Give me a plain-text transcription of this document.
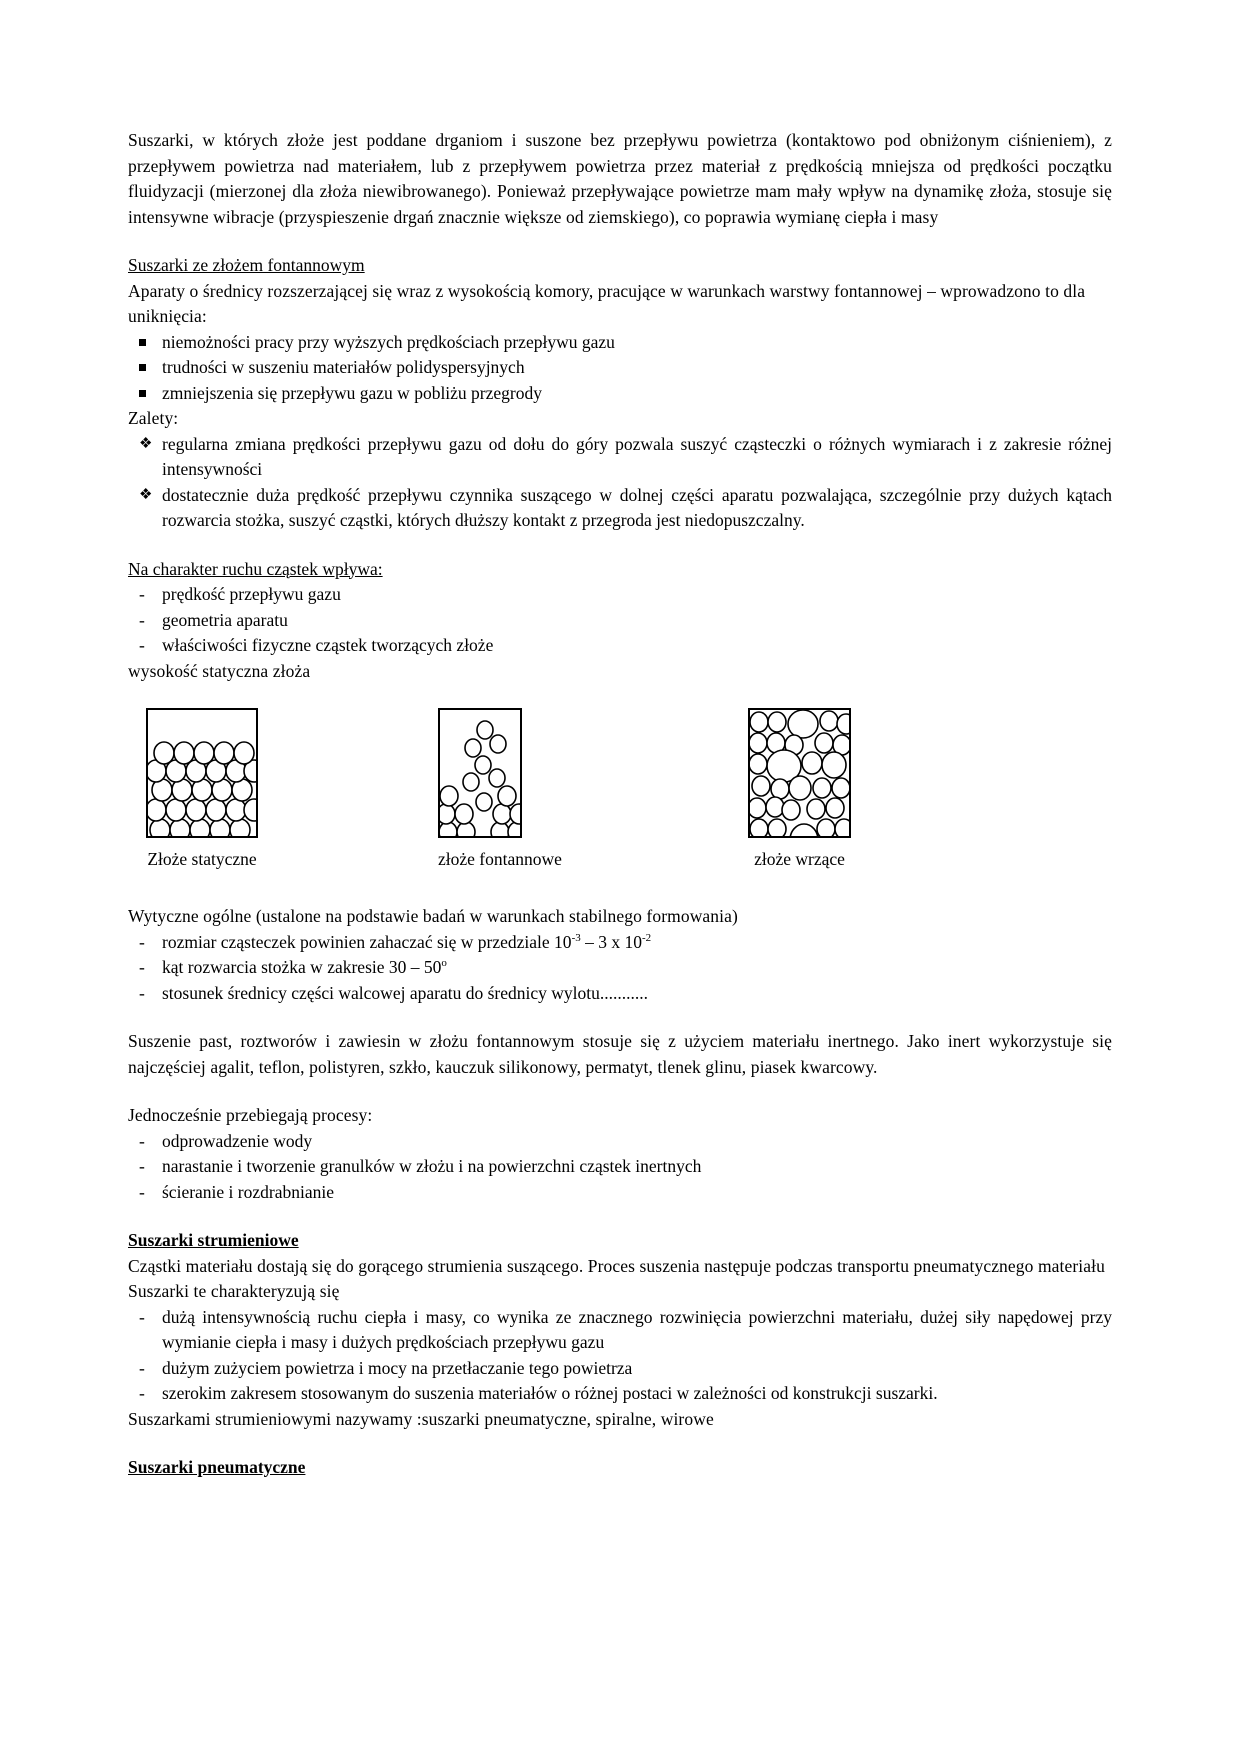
Suszarki, w których złoże jest poddane drganiom i suszone bez przepływu powietrza (kontaktowo pod obniżonym ciśnieniem), z przepływem powietrza nad materiałem, lub z przepływem powietrza przez materiał z prędkością mniejsza od prędkości początku fluidyzacji (mierzonej dla złoża niewibrowanego). Ponieważ przepływające powietrze mam mały wpływ na dynamikę złoża, stosuje się intensywne wibracje (przyspieszenie drgań znacznie większe od ziemskiego), co poprawia wymianę ciepła i masy
Suszarki ze złożem fontannowym
Aparaty o średnicy rozszerzającej się wraz z wysokością komory, pracujące w warunkach warstwy fontannowej – wprowadzono to dla uniknięcia:
niemożności pracy przy wyższych prędkościach przepływu gazu
trudności w suszeniu materiałów polidyspersyjnych
zmniejszenia się przepływu gazu w pobliżu przegrody
Zalety:
❖ regularna zmiana prędkości przepływu gazu od dołu do góry pozwala suszyć cząsteczki o różnych wymiarach i z zakresie różnej intensywności
❖ dostatecznie duża prędkość przepływu czynnika suszącego w dolnej części aparatu pozwalająca, szczególnie przy dużych kątach rozwarcia stożka, suszyć cząstki, których dłuższy kontakt z przegroda jest niedopuszczalny.
Na charakter ruchu cząstek wpływa:
- prędkość przepływu gazu
- geometria aparatu
- właściwości fizyczne cząstek tworzących złoże
wysokość statyczna złoża
Złoże statyczne	złoże fontannowe	złoże wrzące
Wytyczne ogólne (ustalone na podstawie badań w warunkach stabilnego formowania)
- rozmiar cząsteczek powinien zahaczać się w przedziale $10^{-3} - 3$ x $10^{-2}$
- kąt rozwarcia stożka w zakresie 30 – 50$^o$
- stosunek średnicy części walcowej aparatu do średnicy wylotu...........
Suszenie past, roztworów i zawiesin w złożu fontannowym stosuje się z użyciem materiału inertnego. Jako inert wykorzystuje się najczęściej agalit, teflon, polistyren, szkło, kauczuk silikonowy, permatyt, tlenek glinu, piasek kwarcowy.
Jednocześnie przebiegają procesy:
- odprowadzenie wody
- narastanie i tworzenie granulków w złożu i na powierzchni cząstek inertnych
- ścieranie i rozdrabnianie
Suszarki strumieniowe
Cząstki materiału dostają się do gorącego strumienia suszącego. Proces suszenia następuje podczas transportu pneumatycznego materiału
Suszarki te charakteryzują się
- dużą intensywnością ruchu ciepła i masy, co wynika ze znacznego rozwinięcia powierzchni materiału, dużej siły napędowej przy wymianie ciepła i masy i dużych prędkościach przepływu gazu
- dużym zużyciem powietrza i mocy na przetłaczanie tego powietrza
- szerokim zakresem stosowanym do suszenia materiałów o różnej postaci w zależności od konstrukcji suszarki.
Suszarkami strumieniowymi nazywamy :suszarki pneumatyczne, spiralne, wirowe
Suszarki pneumatyczne
